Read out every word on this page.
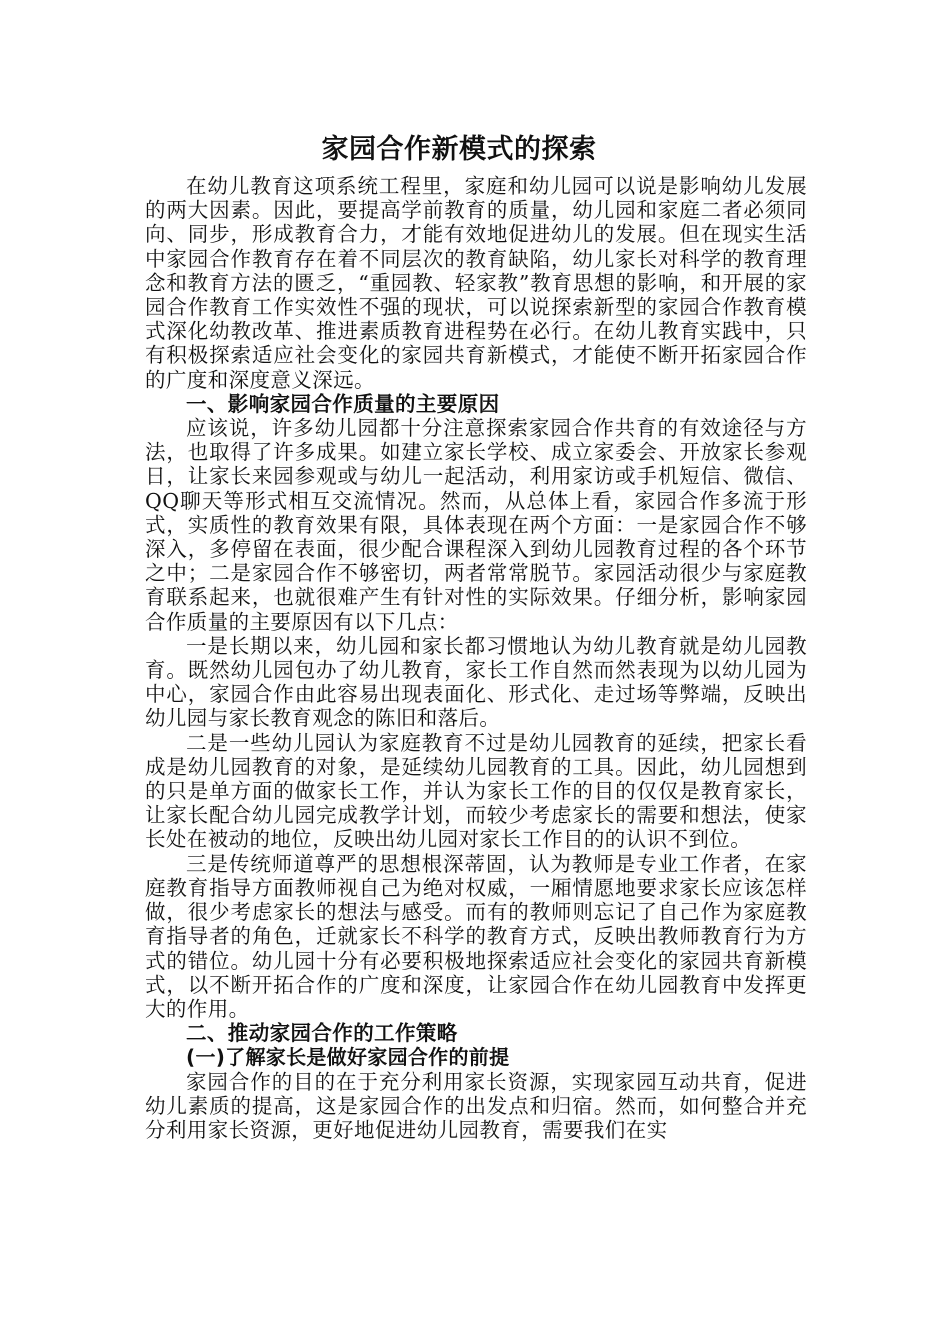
家园合作新模式的探索

在幼儿教育这项系统工程里，家庭和幼儿园可以说是影响幼儿发展的两大因素。因此，要提高学前教育的质量，幼儿园和家庭二者必须同向、同步，形成教育合力，才能有效地促进幼儿的发展。但在现实生活中家园合作教育存在着不同层次的教育缺陷，幼儿家长对科学的教育理念和教育方法的匮乏，“重园教、轻家教”教育思想的影响，和开展的家园合作教育工作实效性不强的现状，可以说探索新型的家园合作教育模式深化幼教改革、推进素质教育进程势在必行。在幼儿教育实践中，只有积极探索适应社会变化的家园共育新模式，才能使不断开拓家园合作的广度和深度意义深远。

一、影响家园合作质量的主要原因

应该说，许多幼儿园都十分注意探索家园合作共育的有效途径与方法，也取得了许多成果。如建立家长学校、成立家委会、开放家长参观日，让家长来园参观或与幼儿一起活动，利用家访或手机短信、微信、QQ聊天等形式相互交流情况。然而，从总体上看，家园合作多流于形式，实质性的教育效果有限，具体表现在两个方面：一是家园合作不够深入，多停留在表面，很少配合课程深入到幼儿园教育过程的各个环节之中；二是家园合作不够密切，两者常常脱节。家园活动很少与家庭教育联系起来，也就很难产生有针对性的实际效果。仔细分析，影响家园合作质量的主要原因有以下几点：

一是长期以来，幼儿园和家长都习惯地认为幼儿教育就是幼儿园教育。既然幼儿园包办了幼儿教育，家长工作自然而然表现为以幼儿园为中心，家园合作由此容易出现表面化、形式化、走过场等弊端，反映出幼儿园与家长教育观念的陈旧和落后。

二是一些幼儿园认为家庭教育不过是幼儿园教育的延续，把家长看成是幼儿园教育的对象，是延续幼儿园教育的工具。因此，幼儿园想到的只是单方面的做家长工作，并认为家长工作的目的仅仅是教育家长，让家长配合幼儿园完成教学计划，而较少考虑家长的需要和想法，使家长处在被动的地位，反映出幼儿园对家长工作目的的认识不到位。

三是传统师道尊严的思想根深蒂固，认为教师是专业工作者，在家庭教育指导方面教师视自己为绝对权威，一厢情愿地要求家长应该怎样做，很少考虑家长的想法与感受。而有的教师则忘记了自己作为家庭教育指导者的角色，迁就家长不科学的教育方式，反映出教师教育行为方式的错位。幼儿园十分有必要积极地探索适应社会变化的家园共育新模式，以不断开拓合作的广度和深度，让家园合作在幼儿园教育中发挥更大的作用。

二、推动家园合作的工作策略
(一)了解家长是做好家园合作的前提

家园合作的目的在于充分利用家长资源，实现家园互动共育，促进幼儿素质的提高，这是家园合作的出发点和归宿。然而，如何整合并充分利用家长资源，更好地促进幼儿园教育，需要我们在实
